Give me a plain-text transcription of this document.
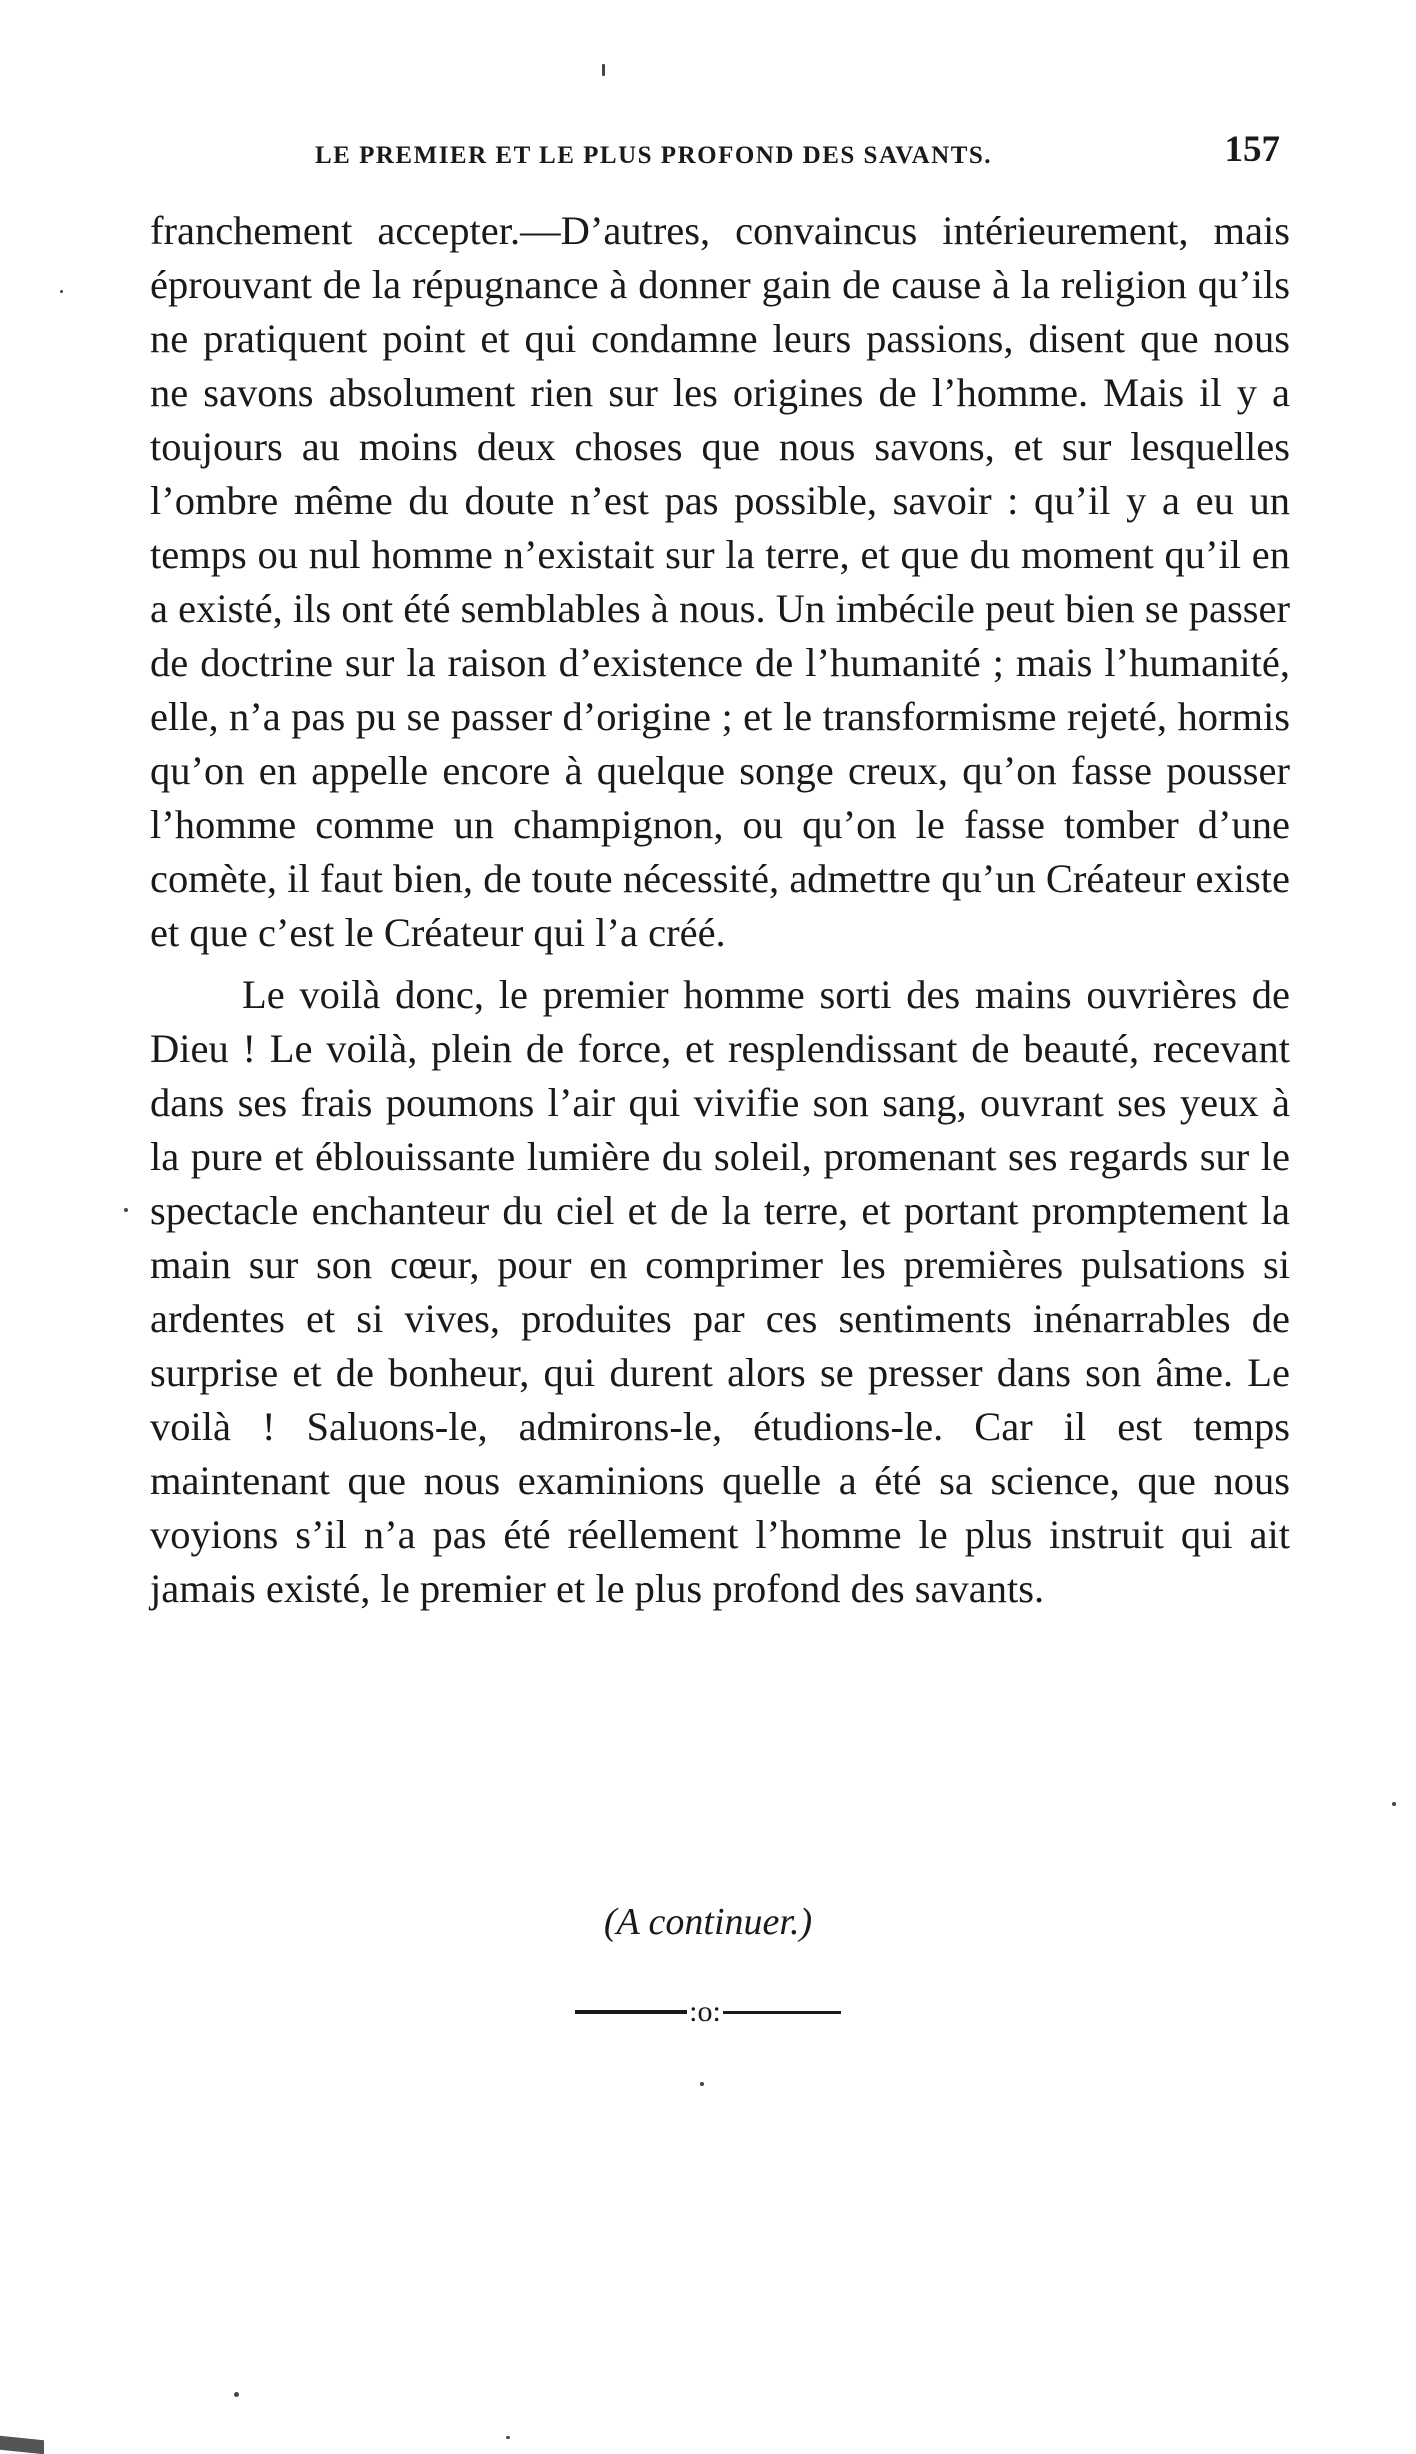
LE PREMIER ET LE PLUS PROFOND DES SAVANTS.	157

franchement accepter.—D’autres, convaincus intérieurement, mais éprouvant de la répugnance à donner gain de cause à la religion qu’ils ne pratiquent point et qui condamne leurs passions, disent que nous ne savons absolument rien sur les origines de l’homme. Mais il y a toujours au moins deux choses que nous savons, et sur lesquelles l’ombre même du doute n’est pas possible, savoir : qu’il y a eu un temps ou nul homme n’existait sur la terre, et que du moment qu’il en a existé, ils ont été semblables à nous. Un imbécile peut bien se passer de doctrine sur la raison d’existence de l’humanité ; mais l’humanité, elle, n’a pas pu se passer d’origine ; et le transformisme rejeté, hormis qu’on en appelle encore à quelque songe creux, qu’on fasse pousser l’homme comme un champignon, ou qu’on le fasse tomber d’une comète, il faut bien, de toute nécessité, admettre qu’un Créateur existe et que c’est le Créateur qui l’a créé.

Le voilà donc, le premier homme sorti des mains ouvrières de Dieu ! Le voilà, plein de force, et resplendissant de beauté, recevant dans ses frais poumons l’air qui vivifie son sang, ouvrant ses yeux à la pure et éblouissante lumière du soleil, promenant ses regards sur le spectacle enchanteur du ciel et de la terre, et portant promptement la main sur son cœur, pour en comprimer les premières pulsations si ardentes et si vives, produites par ces sentiments inénarrables de surprise et de bonheur, qui durent alors se presser dans son âme. Le voilà ! Saluons-le, admirons-le, étudions-le. Car il est temps maintenant que nous examinions quelle a été sa science, que nous voyions s’il n’a pas été réellement l’homme le plus instruit qui ait jamais existé, le premier et le plus profond des savants.

(A continuer.)
:o:
